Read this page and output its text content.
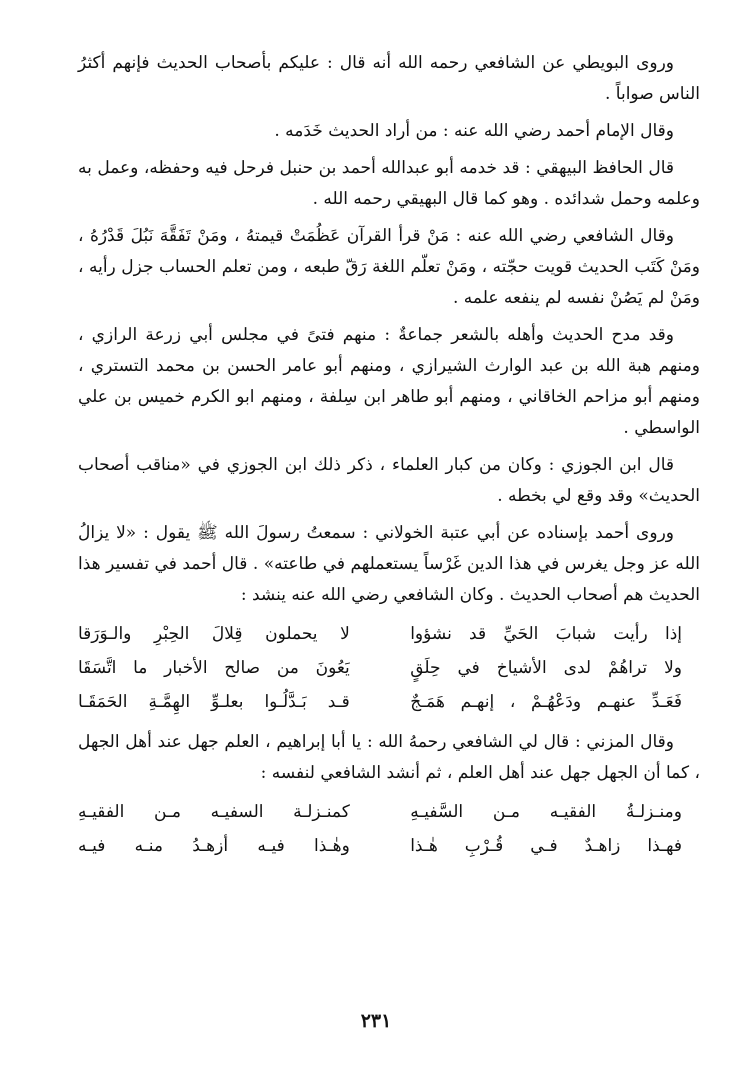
وروى البويطي عن الشافعي رحمه الله أنه قال : عليكم بأصحاب الحديث فإنهم أكثرُ الناس صواباً .

وقال الإمام أحمد رضي الله عنه : من أراد الحديث خَدَمه .

قال الحافظ البيهقي : قد خدمه أبو عبدالله أحمد بن حنبل فرحل فيه وحفظه، وعمل به وعلمه وحمل شدائده . وهو كما قال البهيقي رحمه الله .

وقال الشافعي رضي الله عنه : مَنْ قرأ القرآن عَظُمَتْ قيمتهُ ، ومَنْ تَفَقَّهَ نَبُلَ قَدْرُهُ ، ومَنْ كَتَب الحديث قويت حجّته ، ومَنْ تعلّم اللغة رَقّ طبعه ، ومن تعلم الحساب جزل رأيه ، ومَنْ لم يَصُنْ نفسه لم ينفعه علمه .

وقد مدح الحديث وأهله بالشعر جماعةٌ : منهم فتىً في مجلس أبي زرعة الرازي ، ومنهم هبة الله بن عبد الوارث الشيرازي ، ومنهم أبو عامر الحسن بن محمد التستري ، ومنهم أبو مزاحم الخاقاني ، ومنهم أبو طاهر ابن سِلفة ، ومنهم ابو الكرم خميس بن علي الواسطي .

قال ابن الجوزي : وكان من كبار العلماء ، ذكر ذلك ابن الجوزي في «مناقب أصحاب الحديث» وقد وقع لي بخطه .

وروى أحمد بإسناده عن أبي عتبة الخولاني : سمعتُ رسولَ الله ﷺ يقول : «لا يزالُ الله عز وجل يغرس في هذا الدين غَرْساً يستعملهم في طاعته» . قال أحمد في تفسير هذا الحديث هم أصحاب الحديث . وكان الشافعي رضي الله عنه ينشد :

إذا رأيت شبابَ الحَيِّ قد نشؤوا
لا يحملون قِلالَ الحِبْرِ والـوَرَقا
ولا تراهُمْ لدى الأشياخ في حِلَقٍ
يَعُونَ من صالح الأخبار ما اتَّسَقَا
فَعَـدِّ عنهـم ودَعْهُـمْ ، إنهـم هَمَـجٌ
قـد بَـدَّلُـوا بعلـوِّ الهِمَّـةِ الحَمَقَـا

وقال المزني : قال لي الشافعي رحمهُ الله : يا أبا إبراهيم ، العلم جهل عند أهل الجهل ، كما أن الجهل جهل عند أهل العلم ، ثم أنشد الشافعي لنفسه :

ومنـزلـةُ الفقيـه مـن السَّفيـهِ
كمنـزلـة السفيـه مـن الفقيـهِ
فهـذا زاهـدٌ فـي قُـرْبِ هٰـذا
وهٰـذا فيـه أزهـدُ منـه فيـه
٢٣١
